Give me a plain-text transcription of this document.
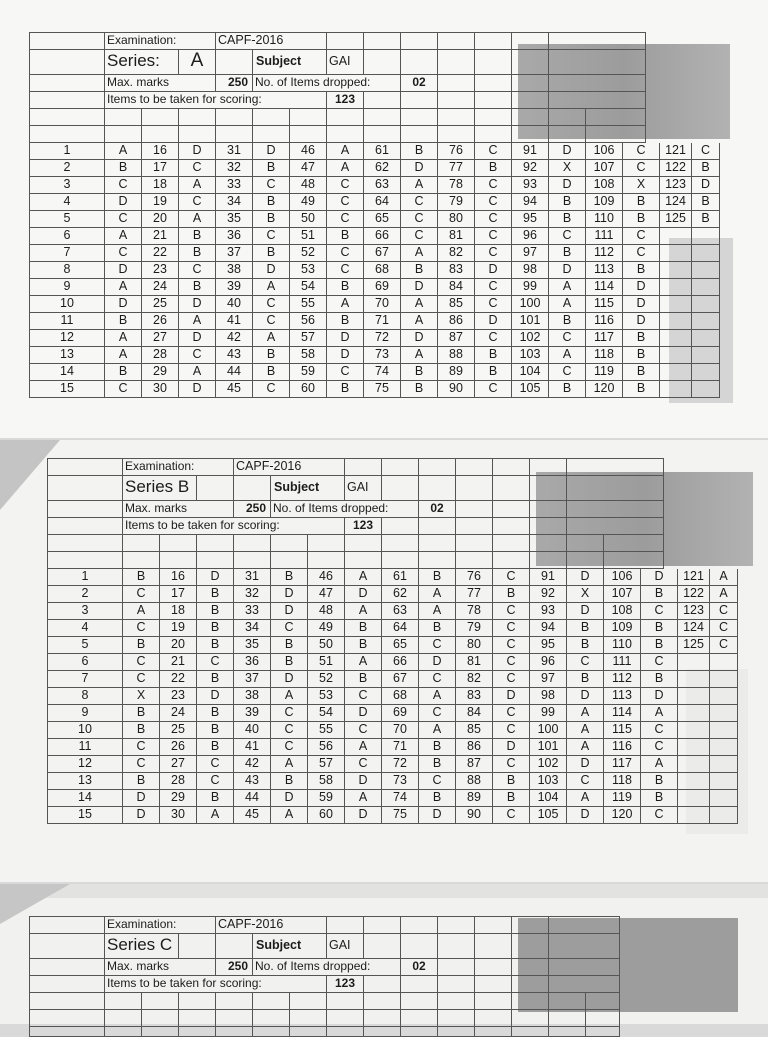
Examination:	CAPF-2016
Series:	A	Subject	GAI
Max. marks	250 No. of Items dropped:	02
Items to be taken for scoring:	123
1	A	16	D	31	D	46	A	61	B	76	C	91	D	106	C	121	C
2	B	17	C	32	B	47	A	62	D	77	B	92	X	107	C	122	B
3	C	18	A	33	C	48	C	63	A	78	C	93	D	108	X	123	D
4	D	19	C	34	B	49	C	64	C	79	C	94	B	109	B	124	B
5	C	20	A	35	B	50	C	65	C	80	C	95	B	110	B	125	B
6	A	21	B	36	C	51	B	66	C	81	C	96	C	111	C
7	C	22	B	37	B	52	C	67	A	82	C	97	B	112	C
8	D	23	C	38	D	53	C	68	B	83	D	98	D	113	B
9	A	24	B	39	A	54	B	69	D	84	C	99	A	114	D
10	D	25	D	40	C	55	A	70	A	85	C	100	A	115	D
11	B	26	A	41	C	56	B	71	A	86	D	101	B	116	D
12	A	27	D	42	A	57	D	72	D	87	C	102	C	117	B
13	A	28	C	43	B	58	D	73	A	88	B	103	A	118	B
14	B	29	A	44	B	59	C	74	B	89	B	104	C	119	B
15	C	30	D	45	C	60	B	75	B	90	C	105	B	120	B
Examination:	CAPF-2016
Series B	Subject	GAI
Max. marks	250 No. of Items dropped:	02
Items to be taken for scoring:	123
1	B	16	D	31	B	46	A	61	B	76	C	91	D	106	D	121	A
2	C	17	B	32	D	47	D	62	A	77	B	92	X	107	B	122	A
3	A	18	B	33	D	48	A	63	A	78	C	93	D	108	C	123	C
4	C	19	B	34	C	49	B	64	B	79	C	94	B	109	B	124	C
5	B	20	B	35	B	50	B	65	C	80	C	95	B	110	B	125	C
6	C	21	C	36	B	51	A	66	D	81	C	96	C	111	C
7	C	22	B	37	D	52	B	67	C	82	C	97	B	112	B
8	X	23	D	38	A	53	C	68	A	83	D	98	D	113	D
9	B	24	B	39	C	54	D	69	C	84	C	99	A	114	A
10	B	25	B	40	C	55	C	70	A	85	C	100	A	115	C
11	C	26	B	41	C	56	A	71	B	86	D	101	A	116	C
12	C	27	C	42	A	57	C	72	B	87	C	102	D	117	A
13	B	28	C	43	B	58	D	73	C	88	B	103	C	118	B
14	D	29	B	44	D	59	A	74	B	89	B	104	A	119	B
15	D	30	A	45	A	60	D	75	D	90	C	105	D	120	C
Examination:	CAPF-2016
Series C	Subject	GAI
Max. marks	250 No. of Items dropped:	02
Items to be taken for scoring:	123
